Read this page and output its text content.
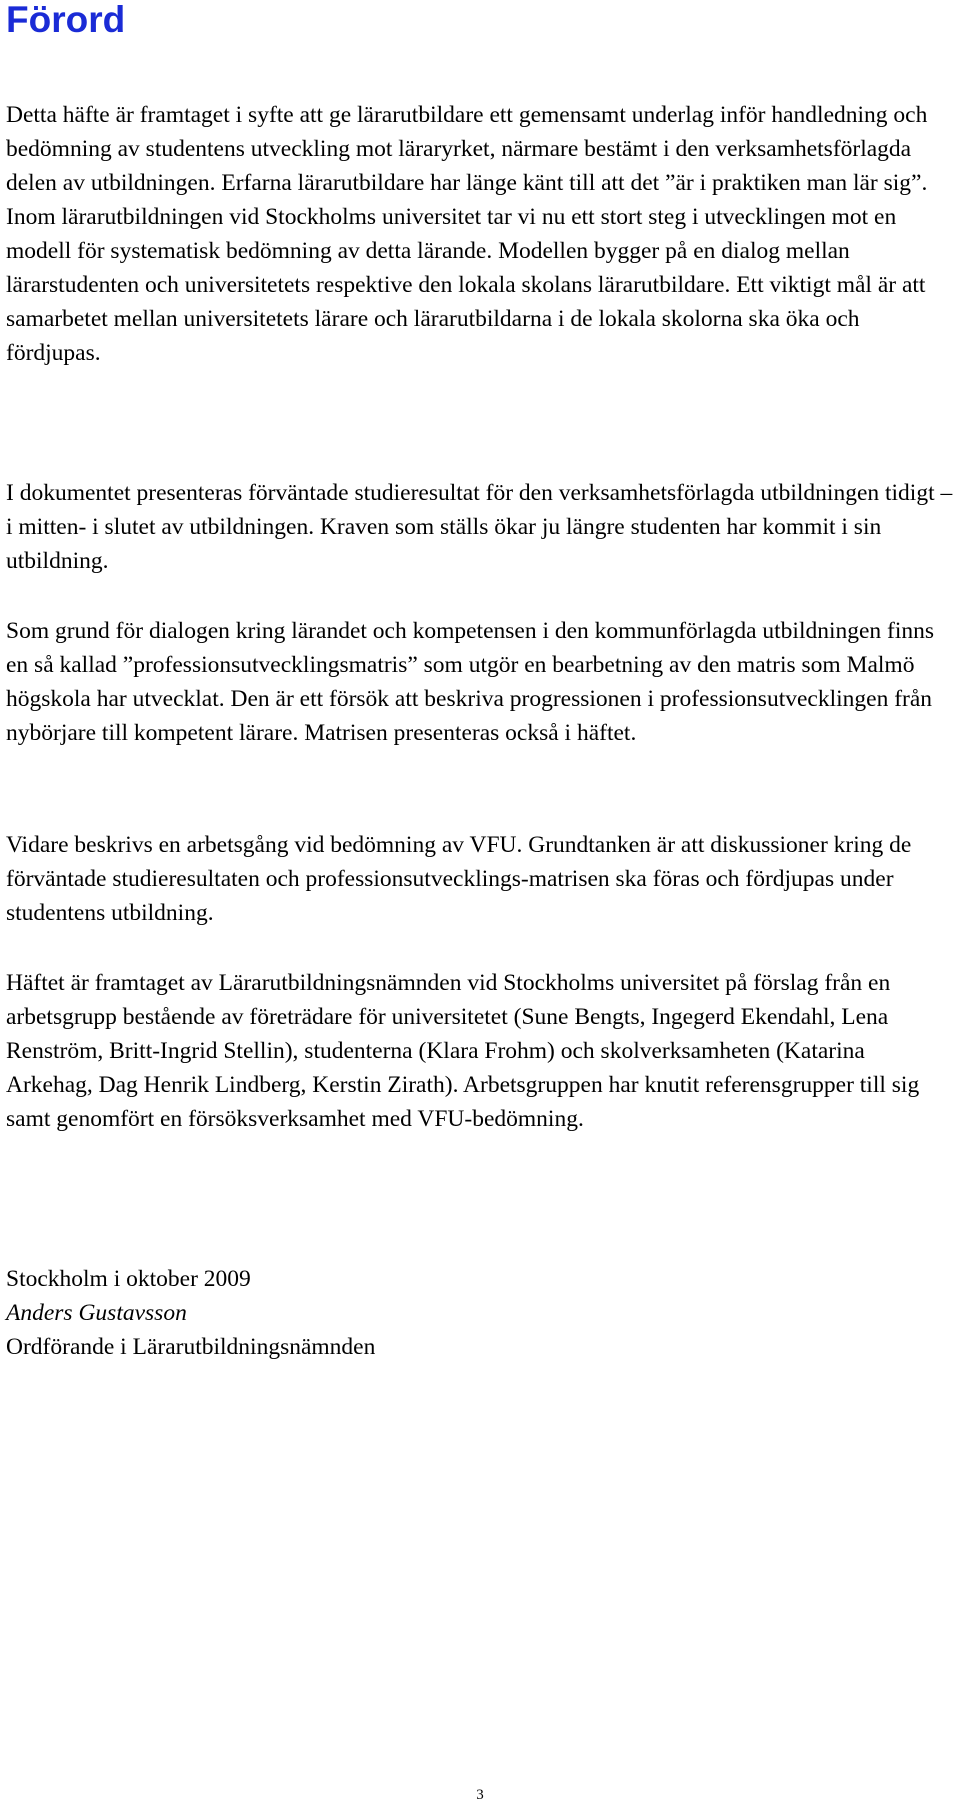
Förord

Detta häfte är framtaget i syfte att ge lärarutbildare ett gemensamt underlag inför handledning och bedömning av studentens utveckling mot läraryrket, närmare bestämt i den verksamhetsförlagda delen av utbildningen. Erfarna lärarutbildare har länge känt till att det ”är i praktiken man lär sig”. Inom lärarutbildningen vid Stockholms universitet tar vi nu ett stort steg i utvecklingen mot en modell för systematisk bedömning av detta lärande. Modellen bygger på en dialog mellan lärarstudenten och universitetets respektive den lokala skolans lärarutbildare. Ett viktigt mål är att samarbetet mellan universitetets lärare och lärarutbildarna i de lokala skolorna ska öka och fördjupas.

I dokumentet presenteras förväntade studieresultat för den verksamhetsförlagda utbildningen tidigt – i mitten- i slutet av utbildningen. Kraven som ställs ökar ju längre studenten har kommit i sin utbildning.

Som grund för dialogen kring lärandet och kompetensen i den kommunförlagda utbildningen finns en så kallad ”professionsutvecklingsmatris” som utgör en bearbetning av den matris som Malmö högskola har utvecklat. Den är ett försök att beskriva progressionen i professionsutvecklingen från nybörjare till kompetent lärare. Matrisen presenteras också i häftet.

Vidare beskrivs en arbetsgång vid bedömning av VFU. Grundtanken är att diskussioner kring de förväntade studieresultaten och professionsutvecklings-matrisen ska föras och fördjupas under studentens utbildning.

Häftet är framtaget av Lärarutbildningsnämnden vid Stockholms universitet på förslag från en arbetsgrupp bestående av företrädare för universitetet (Sune Bengts, Ingegerd Ekendahl, Lena Renström, Britt-Ingrid Stellin), studenterna (Klara Frohm) och skolverksamheten (Katarina Arkehag, Dag Henrik Lindberg, Kerstin Zirath). Arbetsgruppen har knutit referensgrupper till sig samt genomfört en försöksverksamhet med VFU-bedömning.

Stockholm i oktober 2009
Anders Gustavsson
Ordförande i Lärarutbildningsnämnden
3
